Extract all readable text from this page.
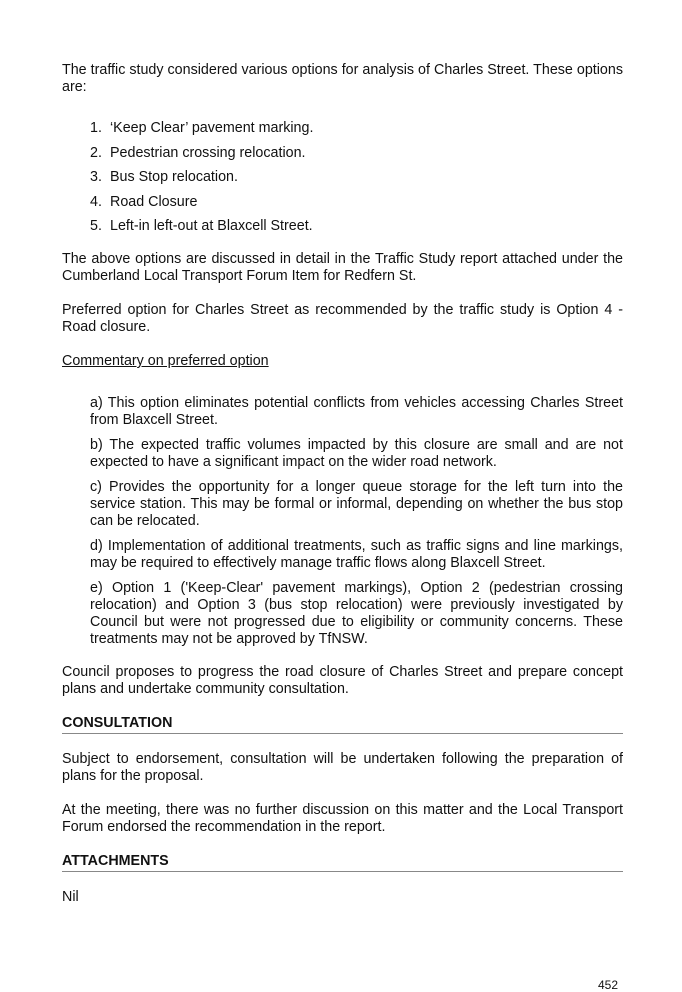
The traffic study considered various options for analysis of Charles Street. These options are:

1. ‘Keep Clear’ pavement marking.
2. Pedestrian crossing relocation.
3. Bus Stop relocation.
4. Road Closure
5. Left-in left-out at Blaxcell Street.

The above options are discussed in detail in the Traffic Study report attached under the Cumberland Local Transport Forum Item for Redfern St.

Preferred option for Charles Street as recommended by the traffic study is Option 4 - Road closure.

Commentary on preferred option

a) This option eliminates potential conflicts from vehicles accessing Charles Street from Blaxcell Street.

b) The expected traffic volumes impacted by this closure are small and are not expected to have a significant impact on the wider road network.

c) Provides the opportunity for a longer queue storage for the left turn into the service station. This may be formal or informal, depending on whether the bus stop can be relocated.

d) Implementation of additional treatments, such as traffic signs and line markings, may be required to effectively manage traffic flows along Blaxcell Street.

e) Option 1 ('Keep-Clear' pavement markings), Option 2 (pedestrian crossing relocation) and Option 3 (bus stop relocation) were previously investigated by Council but were not progressed due to eligibility or community concerns. These treatments may not be approved by TfNSW.

Council proposes to progress the road closure of Charles Street and prepare concept plans and undertake community consultation.

CONSULTATION

Subject to endorsement, consultation will be undertaken following the preparation of plans for the proposal.

At the meeting, there was no further discussion on this matter and the Local Transport Forum endorsed the recommendation in the report.

ATTACHMENTS

Nil

452
